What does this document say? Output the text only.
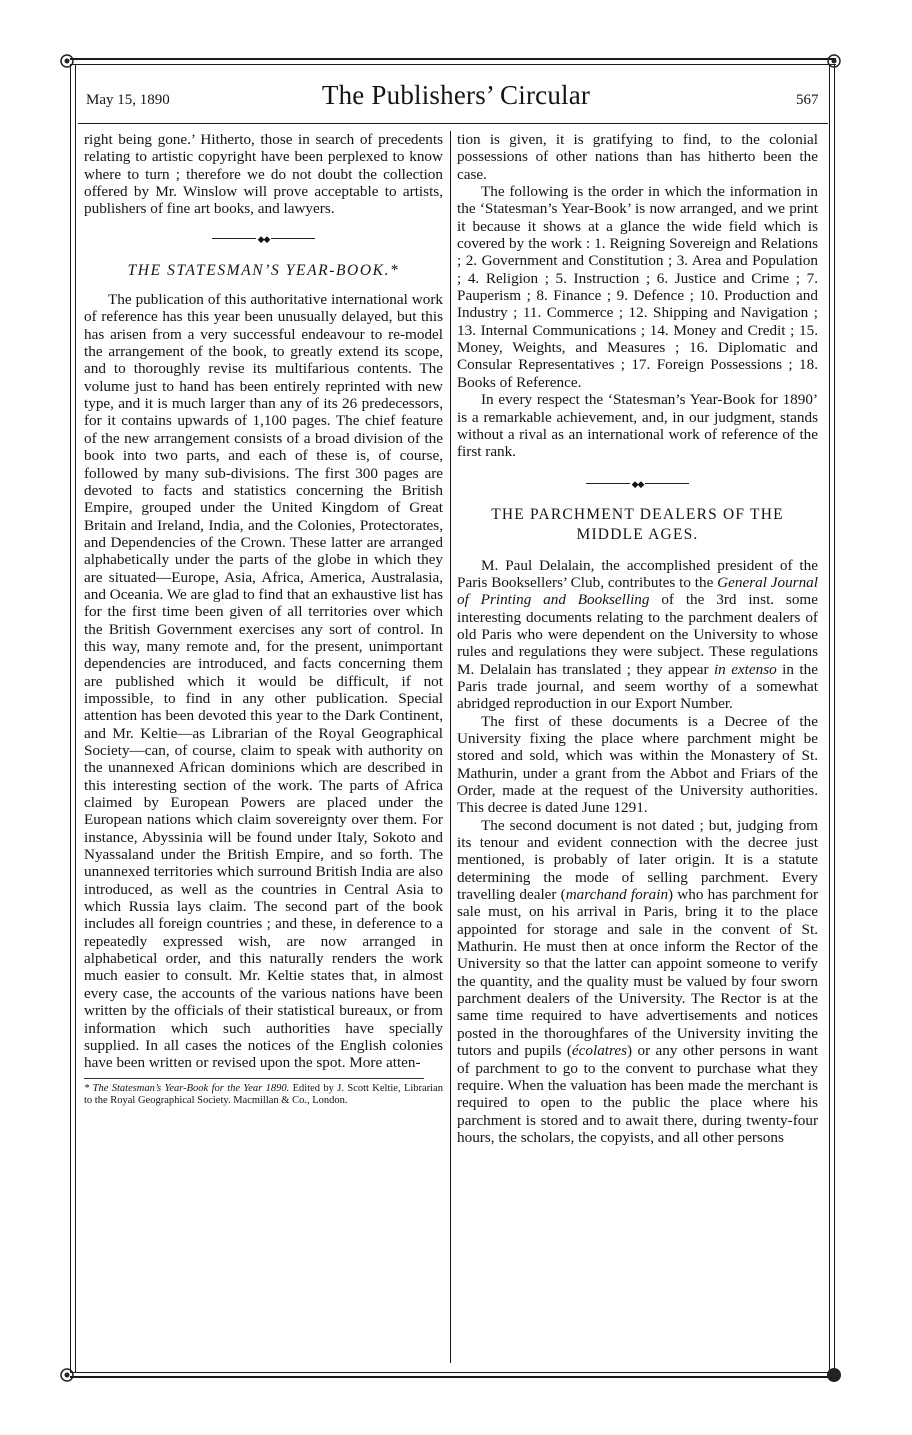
May 15, 1890	The Publishers’ Circular	567

right being gone.’ Hitherto, those in search of precedents relating to artistic copyright have been perplexed to know where to turn ; therefore we do not doubt the collection offered by Mr. Winslow will prove acceptable to artists, publishers of fine art books, and lawyers.

◆◆
THE STATESMAN’S YEAR-BOOK.*

The publication of this authoritative international work of reference has this year been unusually delayed, but this has arisen from a very successful endeavour to re-model the arrangement of the book, to greatly extend its scope, and to thoroughly revise its multifarious contents. The volume just to hand has been entirely reprinted with new type, and it is much larger than any of its 26 predecessors, for it contains upwards of 1,100 pages. The chief feature of the new arrangement consists of a broad division of the book into two parts, and each of these is, of course, followed by many sub-divisions. The first 300 pages are devoted to facts and statistics concerning the British Empire, grouped under the United Kingdom of Great Britain and Ireland, India, and the Colonies, Protectorates, and Dependencies of the Crown. These latter are arranged alphabetically under the parts of the globe in which they are situated—Europe, Asia, Africa, America, Australasia, and Oceania. We are glad to find that an exhaustive list has for the first time been given of all territories over which the British Government exercises any sort of control. In this way, many remote and, for the present, unimportant dependencies are introduced, and facts concerning them are published which it would be difficult, if not impossible, to find in any other publication. Special attention has been devoted this year to the Dark Continent, and Mr. Keltie—as Librarian of the Royal Geographical Society—can, of course, claim to speak with authority on the unannexed African dominions which are described in this interesting section of the work. The parts of Africa claimed by European Powers are placed under the European nations which claim sovereignty over them. For instance, Abyssinia will be found under Italy, Sokoto and Nyassaland under the British Empire, and so forth. The unannexed territories which surround British India are also introduced, as well as the countries in Central Asia to which Russia lays claim. The second part of the book includes all foreign countries ; and these, in deference to a repeatedly expressed wish, are now arranged in alphabetical order, and this naturally renders the work much easier to consult. Mr. Keltie states that, in almost every case, the accounts of the various nations have been written by the officials of their statistical bureaux, or from information which such authorities have specially supplied. In all cases the notices of the English colonies have been written or revised upon the spot. More atten-

* The Statesman’s Year-Book for the Year 1890. Edited by J. Scott Keltie, Librarian to the Royal Geographical Society. Macmillan & Co., London.

tion is given, it is gratifying to find, to the colonial possessions of other nations than has hitherto been the case.

The following is the order in which the information in the ‘Statesman’s Year-Book’ is now arranged, and we print it because it shows at a glance the wide field which is covered by the work : 1. Reigning Sovereign and Relations ; 2. Government and Constitution ; 3. Area and Population ; 4. Religion ; 5. Instruction ; 6. Justice and Crime ; 7. Pauperism ; 8. Finance ; 9. Defence ; 10. Production and Industry ; 11. Commerce ; 12. Shipping and Navigation ; 13. Internal Communications ; 14. Money and Credit ; 15. Money, Weights, and Measures ; 16. Diplomatic and Consular Representatives ; 17. Foreign Possessions ; 18. Books of Reference.

In every respect the ‘Statesman’s Year-Book for 1890’ is a remarkable achievement, and, in our judgment, stands without a rival as an international work of reference of the first rank.

◆◆
THE PARCHMENT DEALERS OF THE MIDDLE AGES.

M. Paul Delalain, the accomplished president of the Paris Booksellers’ Club, contributes to the General Journal of Printing and Bookselling of the 3rd inst. some interesting documents relating to the parchment dealers of old Paris who were dependent on the University to whose rules and regulations they were subject. These regulations M. Delalain has translated ; they appear in extenso in the Paris trade journal, and seem worthy of a somewhat abridged reproduction in our Export Number.

The first of these documents is a Decree of the University fixing the place where parchment might be stored and sold, which was within the Monastery of St. Mathurin, under a grant from the Abbot and Friars of the Order, made at the request of the University authorities. This decree is dated June 1291.

The second document is not dated ; but, judging from its tenour and evident connection with the decree just mentioned, is probably of later origin. It is a statute determining the mode of selling parchment. Every travelling dealer (marchand forain) who has parchment for sale must, on his arrival in Paris, bring it to the place appointed for storage and sale in the convent of St. Mathurin. He must then at once inform the Rector of the University so that the latter can appoint someone to verify the quantity, and the quality must be valued by four sworn parchment dealers of the University. The Rector is at the same time required to have advertisements and notices posted in the thoroughfares of the University inviting the tutors and pupils (écolatres) or any other persons in want of parchment to go to the convent to purchase what they require. When the valuation has been made the merchant is required to open to the public the place where his parchment is stored and to await there, during twenty-four hours, the scholars, the copyists, and all other persons
